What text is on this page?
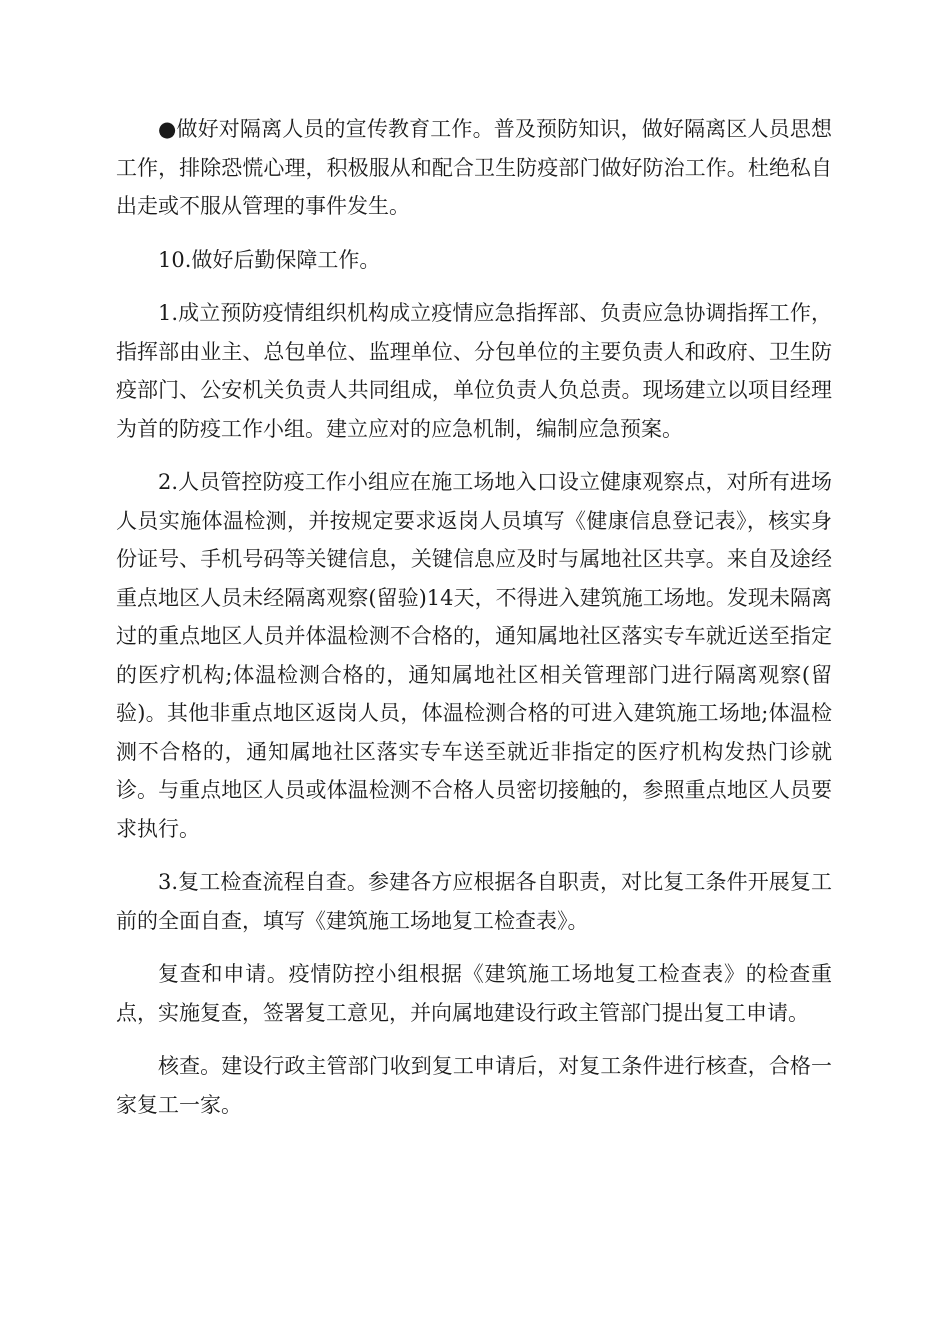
●做好对隔离人员的宣传教育工作。普及预防知识，做好隔离区人员思想工作，排除恐慌心理，积极服从和配合卫生防疫部门做好防治工作。杜绝私自出走或不服从管理的事件发生。

10.做好后勤保障工作。

1.成立预防疫情组织机构成立疫情应急指挥部、负责应急协调指挥工作，指挥部由业主、总包单位、监理单位、分包单位的主要负责人和政府、卫生防疫部门、公安机关负责人共同组成，单位负责人负总责。现场建立以项目经理为首的防疫工作小组。建立应对的应急机制，编制应急预案。

2.人员管控防疫工作小组应在施工场地入口设立健康观察点，对所有进场人员实施体温检测，并按规定要求返岗人员填写《健康信息登记表》，核实身份证号、手机号码等关键信息，关键信息应及时与属地社区共享。来自及途经重点地区人员未经隔离观察(留验)14天，不得进入建筑施工场地。发现未隔离过的重点地区人员并体温检测不合格的，通知属地社区落实专车就近送至指定的医疗机构;体温检测合格的，通知属地社区相关管理部门进行隔离观察(留验)。其他非重点地区返岗人员，体温检测合格的可进入建筑施工场地;体温检测不合格的，通知属地社区落实专车送至就近非指定的医疗机构发热门诊就诊。与重点地区人员或体温检测不合格人员密切接触的，参照重点地区人员要求执行。

3.复工检查流程自查。参建各方应根据各自职责，对比复工条件开展复工前的全面自查，填写《建筑施工场地复工检查表》。

复查和申请。疫情防控小组根据《建筑施工场地复工检查表》的检查重点，实施复查，签署复工意见，并向属地建设行政主管部门提出复工申请。

核查。建设行政主管部门收到复工申请后，对复工条件进行核查，合格一家复工一家。
